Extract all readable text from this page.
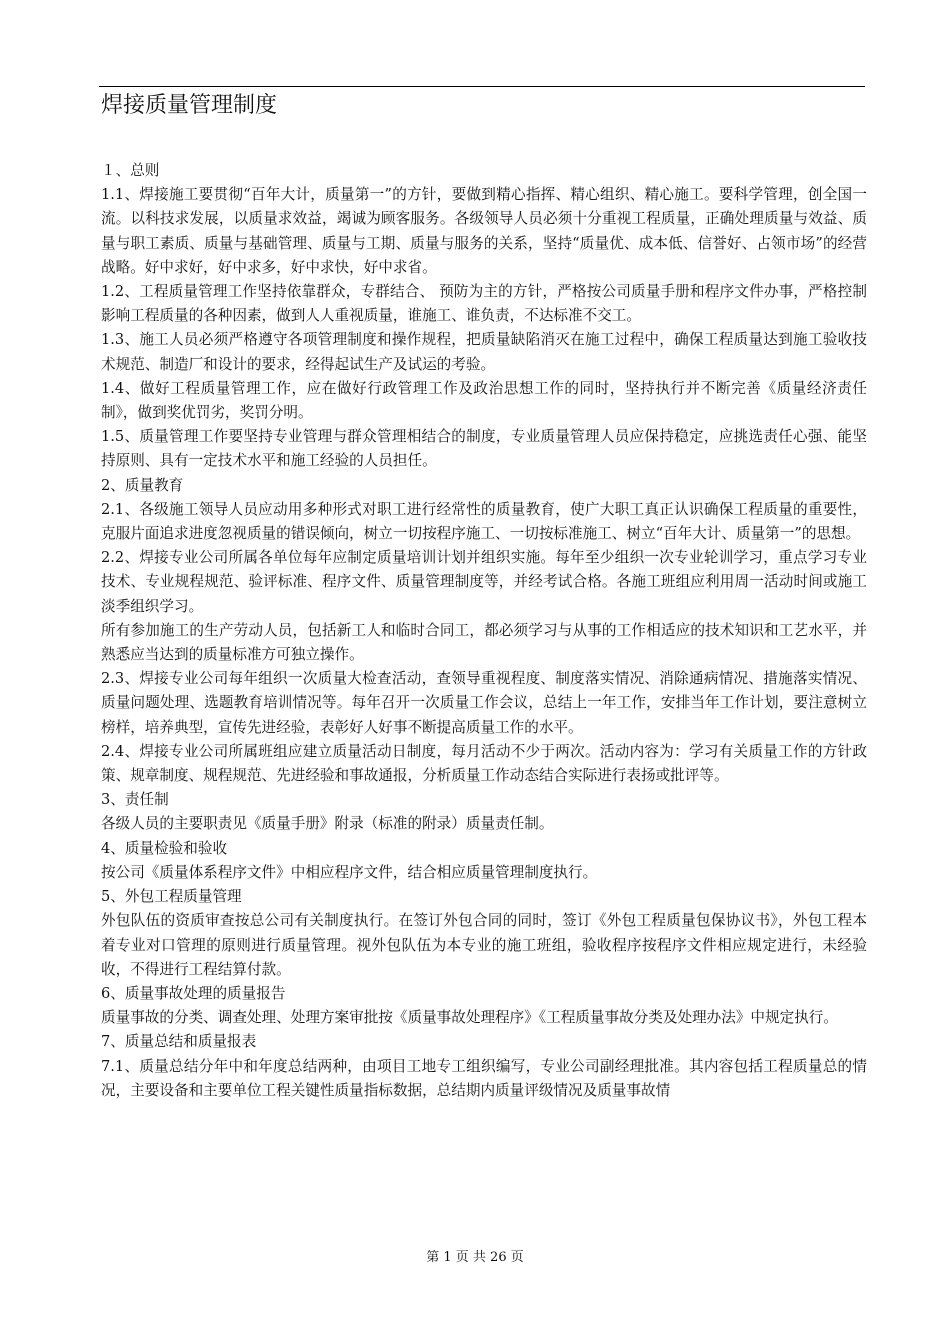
焊接质量管理制度

１、总则

1.1、焊接施工要贯彻“百年大计，质量第一”的方针，要做到精心指挥、精心组织、精心施工。要科学管理，创全国一流。以科技求发展，以质量求效益，竭诚为顾客服务。各级领导人员必须十分重视工程质量，正确处理质量与效益、质量与职工素质、质量与基础管理、质量与工期、质量与服务的关系，坚持“质量优、成本低、信誉好、占领市场”的经营战略。好中求好，好中求多，好中求快，好中求省。

1.2、工程质量管理工作坚持依靠群众，专群结合、 预防为主的方针，严格按公司质量手册和程序文件办事，严格控制影响工程质量的各种因素，做到人人重视质量，谁施工、谁负责，不达标准不交工。

1.3、施工人员必须严格遵守各项管理制度和操作规程，把质量缺陷消灭在施工过程中，确保工程质量达到施工验收技术规范、制造厂和设计的要求，经得起试生产及试运的考验。

1.4、做好工程质量管理工作，应在做好行政管理工作及政治思想工作的同时，坚持执行并不断完善《质量经济责任制》，做到奖优罚劣，奖罚分明。

1.5、质量管理工作要坚持专业管理与群众管理相结合的制度，专业质量管理人员应保持稳定，应挑选责任心强、能坚持原则、具有一定技术水平和施工经验的人员担任。

2、质量教育

2.1、各级施工领导人员应动用多种形式对职工进行经常性的质量教育，使广大职工真正认识确保工程质量的重要性，克服片面追求进度忽视质量的错误倾向，树立一切按程序施工、一切按标准施工、树立“百年大计、质量第一”的思想。

2.2、焊接专业公司所属各单位每年应制定质量培训计划并组织实施。每年至少组织一次专业轮训学习，重点学习专业技术、专业规程规范、验评标准、程序文件、质量管理制度等，并经考试合格。各施工班组应利用周一活动时间或施工淡季组织学习。

所有参加施工的生产劳动人员，包括新工人和临时合同工，都必须学习与从事的工作相适应的技术知识和工艺水平，并熟悉应当达到的质量标准方可独立操作。

2.3、焊接专业公司每年组织一次质量大检查活动，查领导重视程度、制度落实情况、消除通病情况、措施落实情况、质量问题处理、选题教育培训情况等。每年召开一次质量工作会议，总结上一年工作，安排当年工作计划，要注意树立榜样，培养典型，宣传先进经验，表彰好人好事不断提高质量工作的水平。

2.4、焊接专业公司所属班组应建立质量活动日制度，每月活动不少于两次。活动内容为：学习有关质量工作的方针政策、规章制度、规程规范、先进经验和事故通报，分析质量工作动态结合实际进行表扬或批评等。

3、责任制

各级人员的主要职责见《质量手册》附录（标准的附录）质量责任制。

4、质量检验和验收

按公司《质量体系程序文件》中相应程序文件，结合相应质量管理制度执行。

5、外包工程质量管理

外包队伍的资质审查按总公司有关制度执行。在签订外包合同的同时，签订《外包工程质量包保协议书》，外包工程本着专业对口管理的原则进行质量管理。视外包队伍为本专业的施工班组，验收程序按程序文件相应规定进行，未经验收，不得进行工程结算付款。

6、质量事故处理的质量报告

质量事故的分类、调查处理、处理方案审批按《质量事故处理程序》《工程质量事故分类及处理办法》中规定执行。

7、质量总结和质量报表

7.1、质量总结分年中和年度总结两种，由项目工地专工组织编写，专业公司副经理批准。其内容包括工程质量总的情况，主要设备和主要单位工程关键性质量指标数据，总结期内质量评级情况及质量事故情

第 1 页 共 26 页
